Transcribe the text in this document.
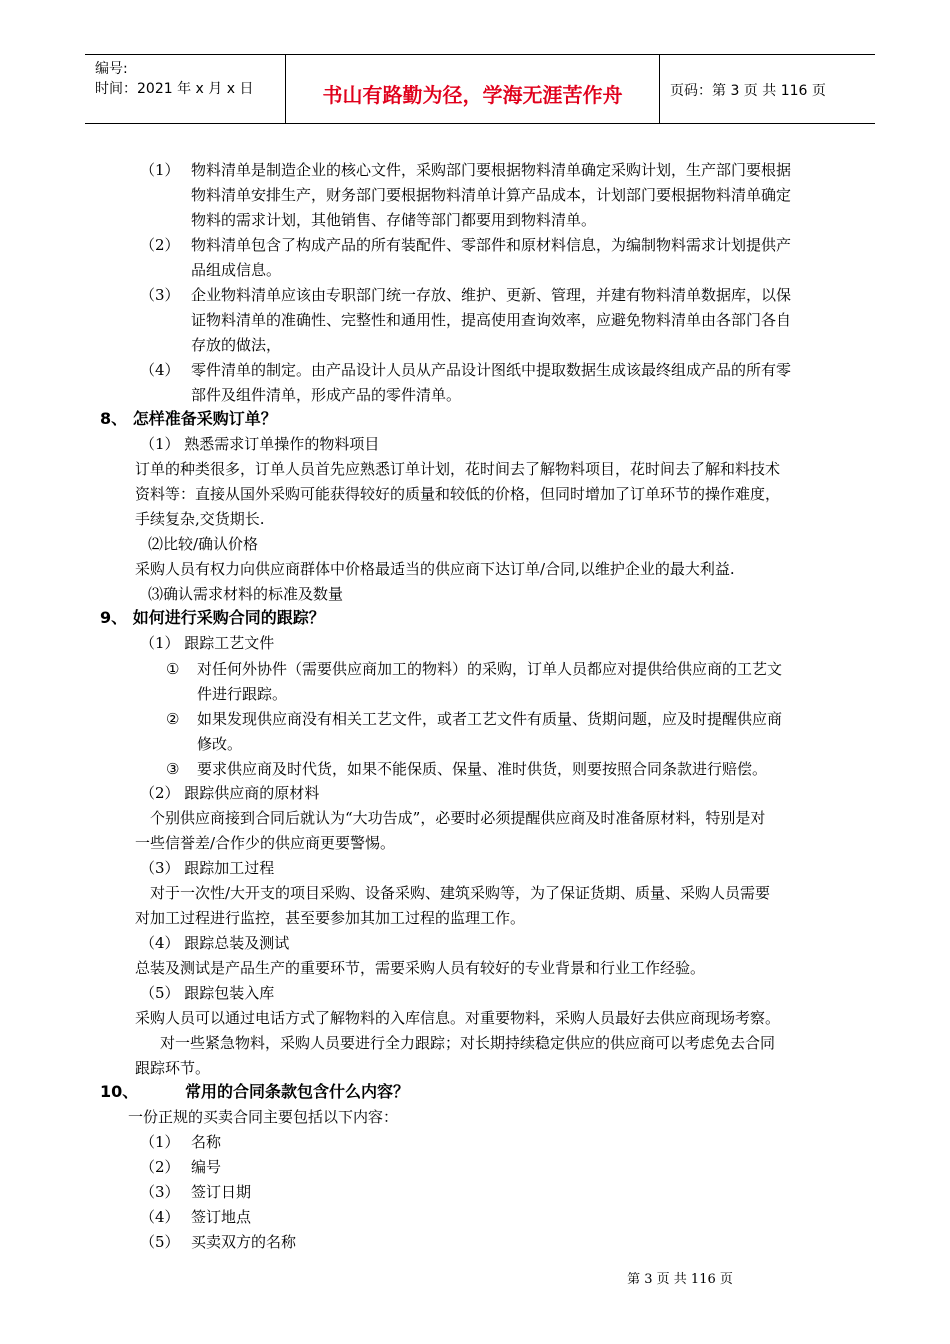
编号:
时间：2021 年 x 月 x 日	书山有路勤为径，学海无涯苦作舟	页码：第 3 页 共 116 页
（1） 物料清单是制造企业的核心文件，采购部门要根据物料清单确定采购计划，生产部门要根据
物料清单安排生产，财务部门要根据物料清单计算产品成本，计划部门要根据物料清单确定
物料的需求计划，其他销售、存储等部门都要用到物料清单。
（2） 物料清单包含了构成产品的所有装配件、零部件和原材料信息，为编制物料需求计划提供产
品组成信息。
（3） 企业物料清单应该由专职部门统一存放、维护、更新、管理，并建有物料清单数据库，以保
证物料清单的准确性、完整性和通用性，提高使用查询效率，应避免物料清单由各部门各自
存放的做法，
（4） 零件清单的制定。由产品设计人员从产品设计图纸中提取数据生成该最终组成产品的所有零
部件及组件清单，形成产品的零件清单。
8、 怎样准备采购订单？
（1） 熟悉需求订单操作的物料项目
订单的种类很多，订单人员首先应熟悉订单计划，花时间去了解物料项目，花时间去了解和料技术
资料等：直接从国外采购可能获得较好的质量和较低的价格，但同时增加了订单环节的操作难度，
手续复杂,交货期长.
⑵比较/确认价格
采购人员有权力向供应商群体中价格最适当的供应商下达订单/合同,以维护企业的最大利益.
⑶确认需求材料的标准及数量
9、 如何进行采购合同的跟踪？
（1） 跟踪工艺文件
① 对任何外协件（需要供应商加工的物料）的采购，订单人员都应对提供给供应商的工艺文
件进行跟踪。
② 如果发现供应商没有相关工艺文件，或者工艺文件有质量、货期问题，应及时提醒供应商
修改。
③ 要求供应商及时代货，如果不能保质、保量、准时供货，则要按照合同条款进行赔偿。
（2） 跟踪供应商的原材料
个别供应商接到合同后就认为“大功告成”，必要时必须提醒供应商及时准备原材料，特别是对
一些信誉差/合作少的供应商更要警惕。
（3） 跟踪加工过程
对于一次性/大开支的项目采购、设备采购、建筑采购等，为了保证货期、质量、采购人员需要
对加工过程进行监控，甚至要参加其加工过程的监理工作。
（4） 跟踪总装及测试
总装及测试是产品生产的重要环节，需要采购人员有较好的专业背景和行业工作经验。
（5） 跟踪包装入库
采购人员可以通过电话方式了解物料的入库信息。对重要物料，采购人员最好去供应商现场考察。
对一些紧急物料，采购人员要进行全力跟踪；对长期持续稳定供应的供应商可以考虑免去合同
跟踪环节。
10、	常用的合同条款包含什么内容？
一份正规的买卖合同主要包括以下内容：
（1） 名称
（2） 编号
（3） 签订日期
（4） 签订地点
（5） 买卖双方的名称
第 3 页 共 116 页
